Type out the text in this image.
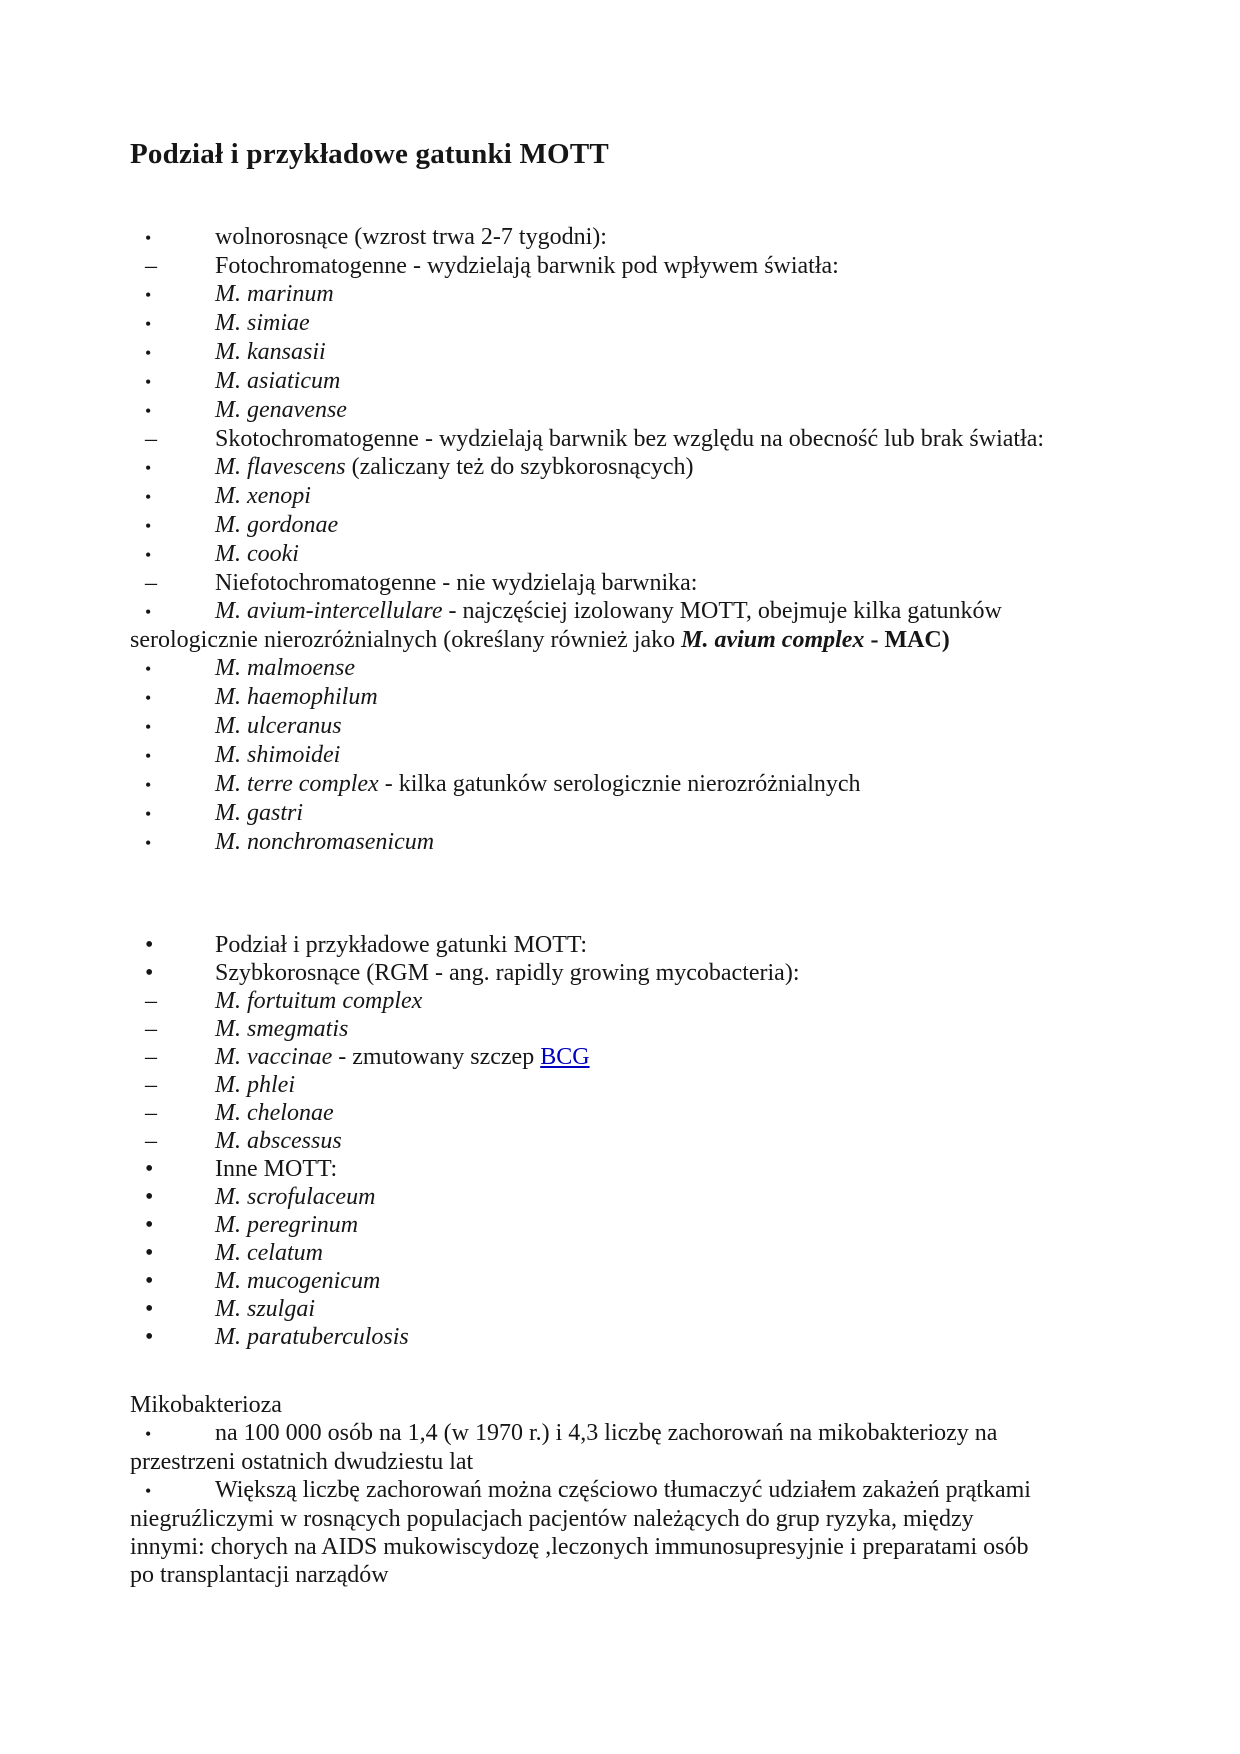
Podział i przykładowe gatunki MOTT
•	wolnorosnące (wzrost trwa 2-7 tygodni):
– Fotochromatogenne - wydzielają barwnik pod wpływem światła:
•	M. marinum
•	M. simiae
•	M. kansasii
•	M. asiaticum
•	M. genavense
– Skotochromatogenne - wydzielają barwnik bez względu na obecność lub brak światła:
•	M. flavescens (zaliczany też do szybkorosnących)
•	M. xenopi
•	M. gordonae
•	M. cooki
– Niefotochromatogenne - nie wydzielają barwnika:
•	M. avium-intercellulare - najczęściej izolowany MOTT, obejmuje kilka gatunków
serologicznie nierozróżnialnych (określany również jako M. avium complex - MAC)
•	M. malmoense
•	M. haemophilum
•	M. ulceranus
•	M. shimoidei
•	M. terre complex - kilka gatunków serologicznie nierozróżnialnych
•	M. gastri
•	M. nonchromasenicum
•	Podział i przykładowe gatunki MOTT:
•	Szybkorosnące (RGM - ang. rapidly growing mycobacteria):
– M. fortuitum complex
– M. smegmatis
– M. vaccinae - zmutowany szczep BCG
– M. phlei
– M. chelonae
– M. abscessus
•	Inne MOTT:
•	M. scrofulaceum
•	M. peregrinum
•	M. celatum
•	M. mucogenicum
•	M. szulgai
•	M. paratuberculosis
Mikobakterioza
•	na 100 000 osób na 1,4 (w 1970 r.) i 4,3 liczbę zachorowań na mikobakteriozy na
przestrzeni ostatnich dwudziestu lat
•	Większą liczbę zachorowań można częściowo tłumaczyć udziałem zakażeń prątkami
niegruźliczymi w rosnących populacjach pacjentów należących do grup ryzyka, między
innymi: chorych na AIDS mukowiscydozę ,leczonych immunosupresyjnie i preparatami osób
po transplantacji narządów
